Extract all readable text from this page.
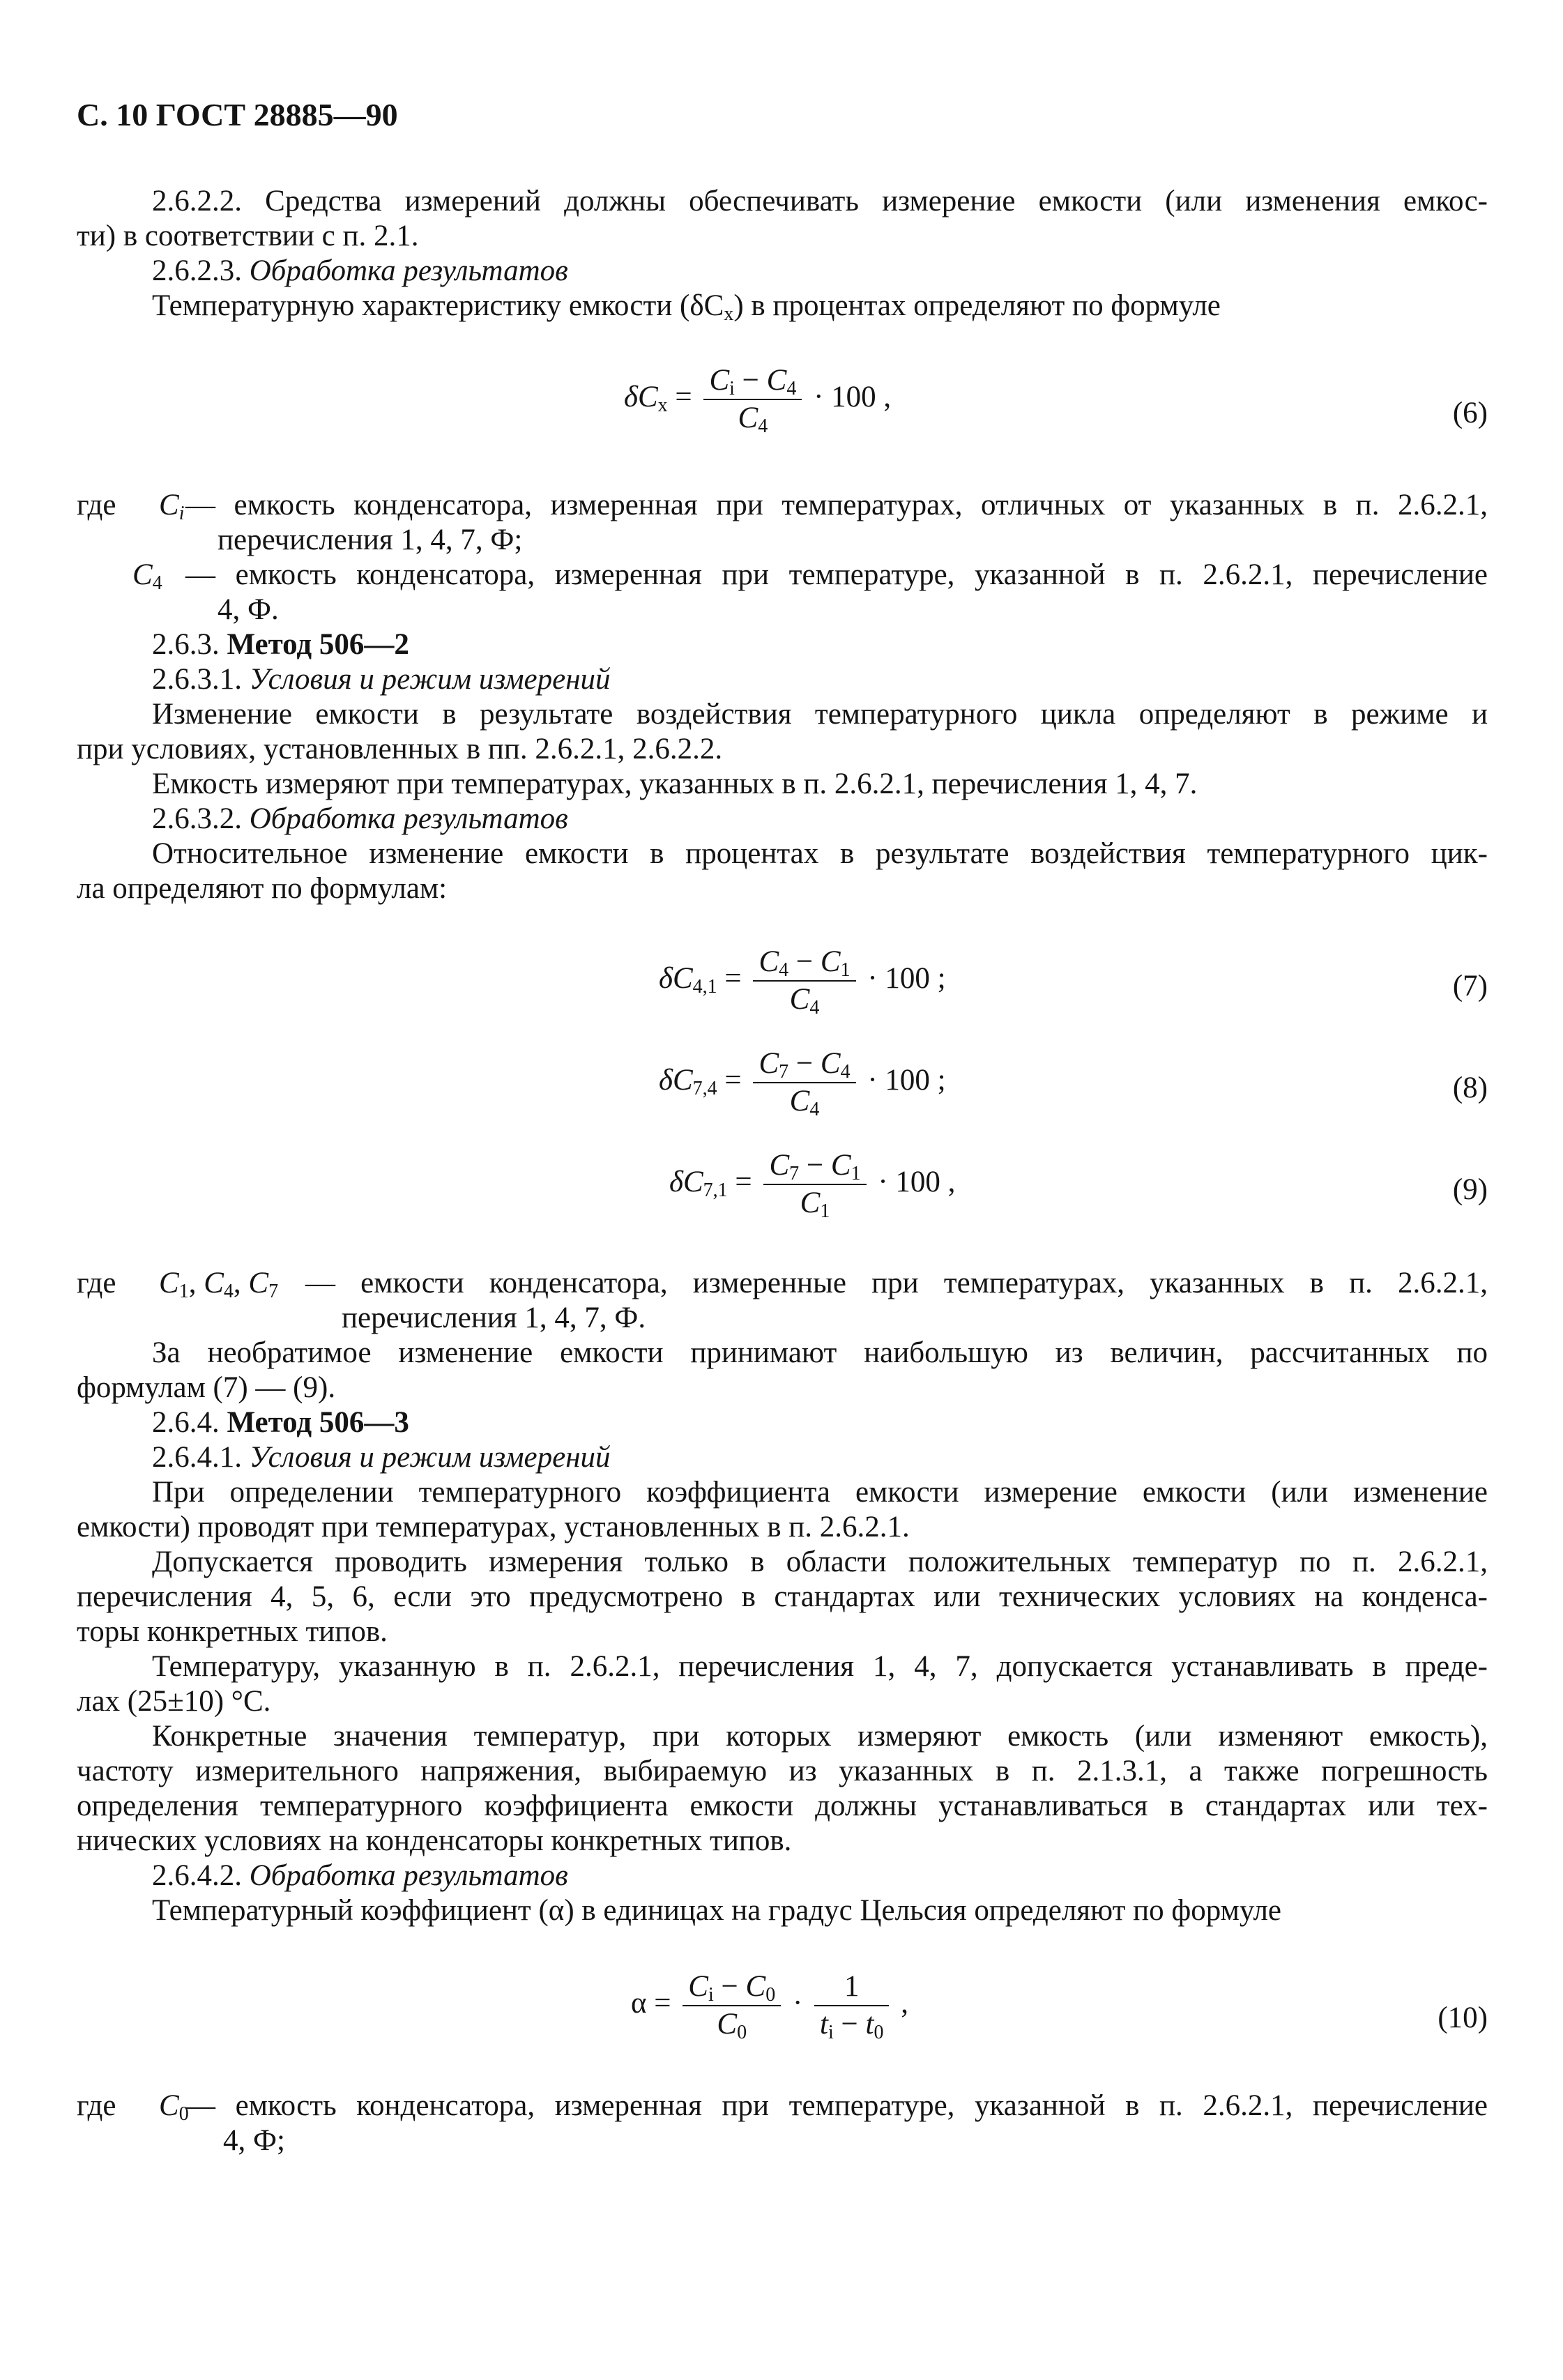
С. 10 ГОСТ 28885—90
2.6.2.2. Средства измерений должны обеспечивать измерение емкости (или изменения емкос-
ти) в соответствии с п. 2.1.
2.6.2.3. Обработка результатов
Температурную характеристику емкости $(\delta C_x)$ в процентах определяют по формуле
$\delta C_x = \frac{C_i - C_4}{C_4} \cdot 100$ ,	(6)
где $C_i$ — емкость конденсатора, измеренная при температурах, отличных от указанных в п. 2.6.2.1,
перечисления 1, 4, 7, Ф;
$C_4$ — емкость конденсатора, измеренная при температуре, указанной в п. 2.6.2.1, перечисление
4, Ф.
2.6.3. Метод 506—2
2.6.3.1. Условия и режим измерений
Изменение емкости в результате воздействия температурного цикла определяют в режиме и
при условиях, установленных в пп. 2.6.2.1, 2.6.2.2.
Емкость измеряют при температурах, указанных в п. 2.6.2.1, перечисления 1, 4, 7.
2.6.3.2. Обработка результатов
Относительное изменение емкости в процентах в результате воздействия температурного цик-
ла определяют по формулам:
$\delta C_{4,1} = \frac{C_4 - C_1}{C_4} \cdot 100$ ;	(7)
$\delta C_{7,4} = \frac{C_7 - C_4}{C_4} \cdot 100$ ;	(8)
$\delta C_{7,1} = \frac{C_7 - C_1}{C_1} \cdot 100$ ,	(9)
где $C_1$, $C_4$, $C_7$ — емкости конденсатора, измеренные при температурах, указанных в п. 2.6.2.1,
перечисления 1, 4, 7, Ф.
За необратимое изменение емкости принимают наибольшую из величин, рассчитанных по
формулам (7) — (9).
2.6.4. Метод 506—3
2.6.4.1. Условия и режим измерений
При определении температурного коэффициента емкости измерение емкости (или изменение
емкости) проводят при температурах, установленных в п. 2.6.2.1.
Допускается проводить измерения только в области положительных температур по п. 2.6.2.1,
перечисления 4, 5, 6, если это предусмотрено в стандартах или технических условиях на конденса-
торы конкретных типов.
Температуру, указанную в п. 2.6.2.1, перечисления 1, 4, 7, допускается устанавливать в преде-
лах (25±10) °C.
Конкретные значения температур, при которых измеряют емкость (или изменяют емкость),
частоту измерительного напряжения, выбираемую из указанных в п. 2.1.3.1, а также погрешность
определения температурного коэффициента емкости должны устанавливаться в стандартах или тех-
нических условиях на конденсаторы конкретных типов.
2.6.4.2. Обработка результатов
Температурный коэффициент (α) в единицах на градус Цельсия определяют по формуле
$\alpha = \frac{C_i - C_0}{C_0} \cdot \frac{1}{t_i - t_0}$ ,	(10)
где $C_0$
— емкость конденсатора, измеренная при температуре, указанной в п. 2.6.2.1, перечисление
4, Ф;
